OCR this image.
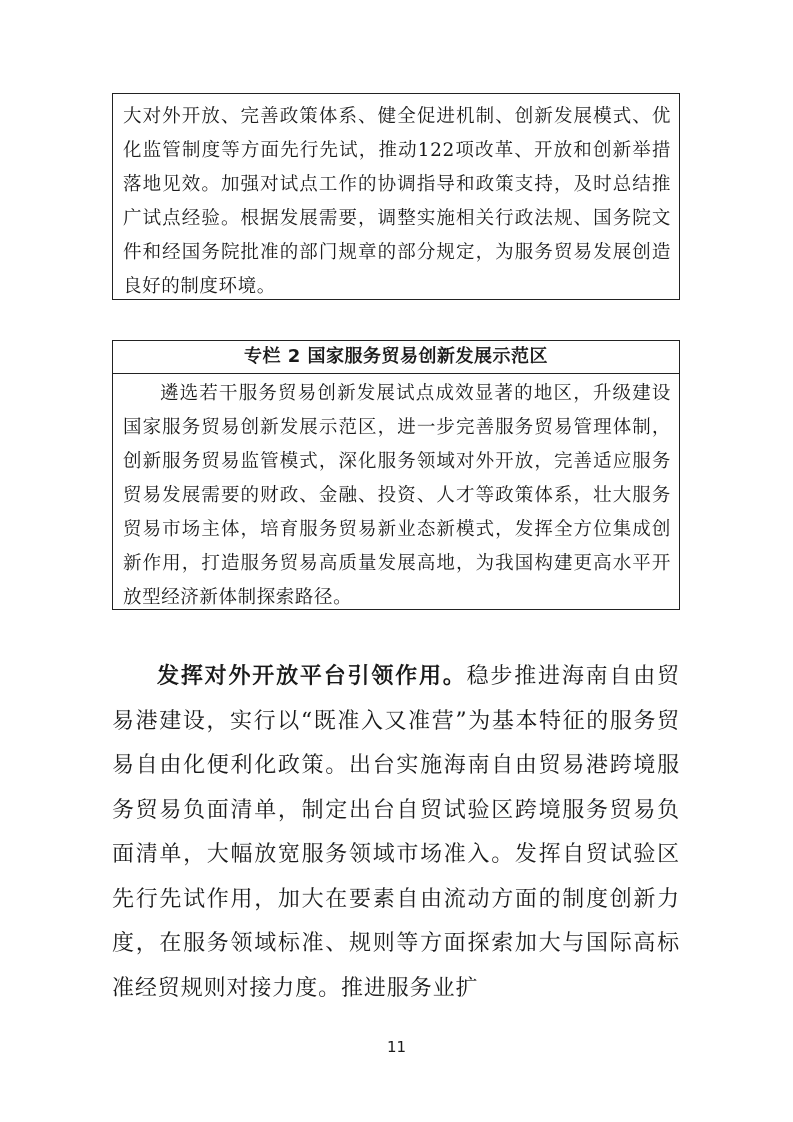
大对外开放、完善政策体系、健全促进机制、创新发展模式、优化监管制度等方面先行先试，推动122项改革、开放和创新举措落地见效。加强对试点工作的协调指导和政策支持，及时总结推广试点经验。根据发展需要，调整实施相关行政法规、国务院文件和经国务院批准的部门规章的部分规定，为服务贸易发展创造良好的制度环境。

专栏 2 国家服务贸易创新发展示范区

遴选若干服务贸易创新发展试点成效显著的地区，升级建设国家服务贸易创新发展示范区，进一步完善服务贸易管理体制，创新服务贸易监管模式，深化服务领域对外开放，完善适应服务贸易发展需要的财政、金融、投资、人才等政策体系，壮大服务贸易市场主体，培育服务贸易新业态新模式，发挥全方位集成创新作用，打造服务贸易高质量发展高地，为我国构建更高水平开放型经济新体制探索路径。

发挥对外开放平台引领作用。稳步推进海南自由贸易港建设，实行以“既准入又准营”为基本特征的服务贸易自由化便利化政策。出台实施海南自由贸易港跨境服务贸易负面清单，制定出台自贸试验区跨境服务贸易负面清单，大幅放宽服务领域市场准入。发挥自贸试验区先行先试作用，加大在要素自由流动方面的制度创新力度，在服务领域标准、规则等方面探索加大与国际高标准经贸规则对接力度。推进服务业扩

11
